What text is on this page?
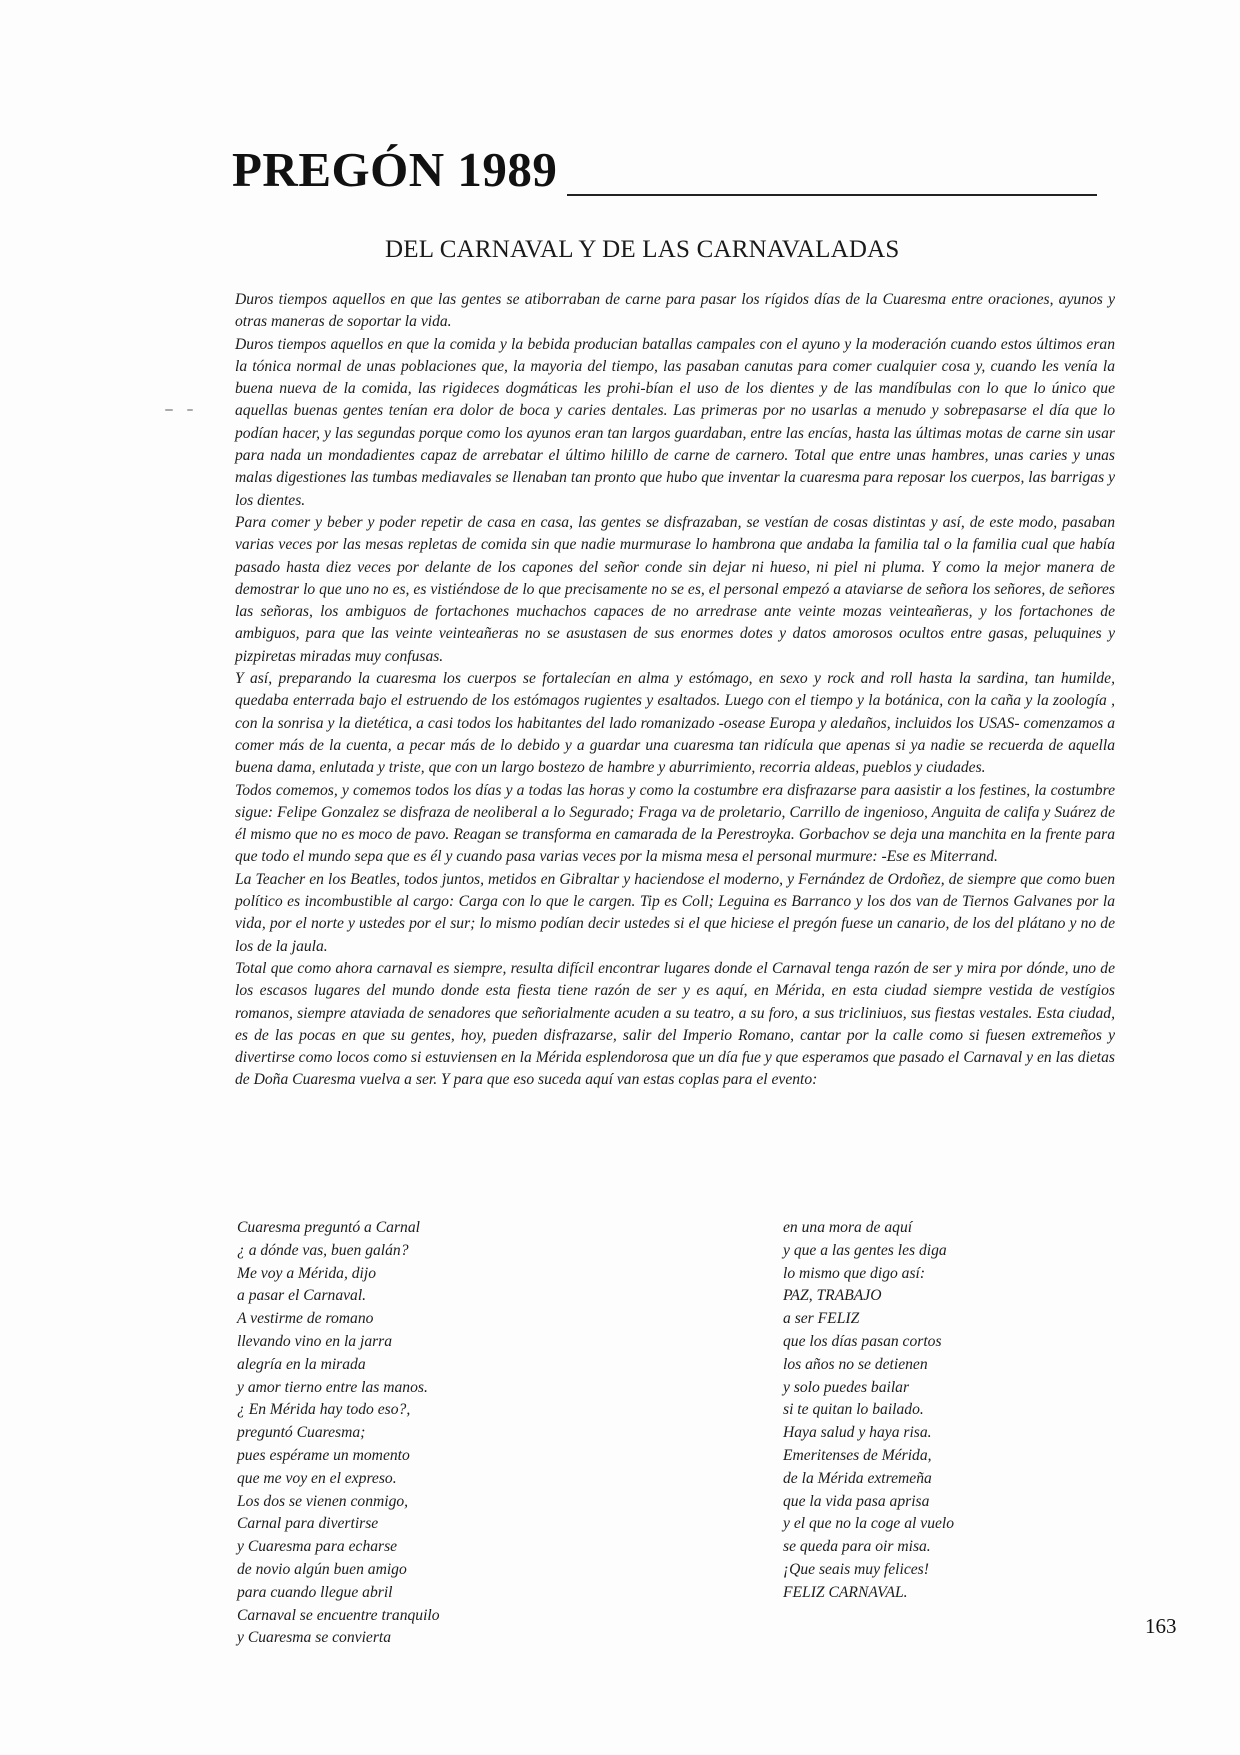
PREGÓN 1989
DEL CARNAVAL Y DE LAS CARNAVALADAS

Duros tiempos aquellos en que las gentes se atiborraban de carne para pasar los rígidos días de la Cuaresma entre oraciones, ayunos y otras maneras de soportar la vida.

Duros tiempos aquellos en que la comida y la bebida producian batallas campales con el ayuno y la moderación cuando estos últimos eran la tónica normal de unas poblaciones que, la mayoria del tiempo, las pasaban canutas para comer cualquier cosa y, cuando les venía la buena nueva de la comida, las rigideces dogmáticas les prohi-bían el uso de los dientes y de las mandíbulas con lo que lo único que aquellas buenas gentes tenían era dolor de boca y caries dentales. Las primeras por no usarlas a menudo y sobrepasarse el día que lo podían hacer, y las segundas porque como los ayunos eran tan largos guardaban, entre las encías, hasta las últimas motas de carne sin usar para nada un mondadientes capaz de arrebatar el último hilillo de carne de carnero. Total que entre unas hambres, unas caries y unas malas digestiones las tumbas mediavales se llenaban tan pronto que hubo que inventar la cuaresma para reposar los cuerpos, las barrigas y los dientes.

Para comer y beber y poder repetir de casa en casa, las gentes se disfrazaban, se vestían de cosas distintas y así, de este modo, pasaban varias veces por las mesas repletas de comida sin que nadie murmurase lo hambrona que andaba la familia tal o la familia cual que había pasado hasta diez veces por delante de los capones del señor conde sin dejar ni hueso, ni piel ni pluma. Y como la mejor manera de demostrar lo que uno no es, es vistiéndose de lo que precisamente no se es, el personal empezó a ataviarse de señora los señores, de señores las señoras, los ambiguos de fortachones muchachos capaces de no arredrase ante veinte mozas veinteañeras, y los fortachones de ambiguos, para que las veinte veinteañeras no se asustasen de sus enormes dotes y datos amorosos ocultos entre gasas, peluquines y pizpiretas miradas muy confusas.

Y así, preparando la cuaresma los cuerpos se fortalecían en alma y estómago, en sexo y rock and roll hasta la sardina, tan humilde, quedaba enterrada bajo el estruendo de los estómagos rugientes y esaltados. Luego con el tiempo y la botánica, con la caña y la zoología , con la sonrisa y la dietética, a casi todos los habitantes del lado romanizado -osease Europa y aledaños, incluidos los USAS- comenzamos a comer más de la cuenta, a pecar más de lo debido y a guardar una cuaresma tan ridícula que apenas si ya nadie se recuerda de aquella buena dama, enlutada y triste, que con un largo bostezo de hambre y aburrimiento, recorria aldeas, pueblos y ciudades.

Todos comemos, y comemos todos los días y a todas las horas y como la costumbre era disfrazarse para aasistir a los festines, la costumbre sigue: Felipe Gonzalez se disfraza de neoliberal a lo Segurado; Fraga va de proletario, Carrillo de ingenioso, Anguita de califa y Suárez de él mismo que no es moco de pavo. Reagan se transforma en camarada de la Perestroyka. Gorbachov se deja una manchita en la frente para que todo el mundo sepa que es él y cuando pasa varias veces por la misma mesa el personal murmure: -Ese es Miterrand.

La Teacher en los Beatles, todos juntos, metidos en Gibraltar y haciendose el moderno, y Fernández de Ordoñez, de siempre que como buen político es incombustible al cargo: Carga con lo que le cargen. Tip es Coll; Leguina es Barranco y los dos van de Tiernos Galvanes por la vida, por el norte y ustedes por el sur; lo mismo podían decir ustedes si el que hiciese el pregón fuese un canario, de los del plátano y no de los de la jaula.

Total que como ahora carnaval es siempre, resulta difícil encontrar lugares donde el Carnaval tenga razón de ser y mira por dónde, uno de los escasos lugares del mundo donde esta fiesta tiene razón de ser y es aquí, en Mérida, en esta ciudad siempre vestida de vestígios romanos, siempre ataviada de senadores que señorialmente acuden a su teatro, a su foro, a sus tricliniuos, sus fiestas vestales. Esta ciudad, es de las pocas en que su gentes, hoy, pueden disfrazarse, salir del Imperio Romano, cantar por la calle como si fuesen extremeños y divertirse como locos como si estuviensen en la Mérida esplendorosa que un día fue y que esperamos que pasado el Carnaval y en las dietas de Doña Cuaresma vuelva a ser. Y para que eso suceda aquí van estas coplas para el evento:

Cuaresma preguntó a Carnal
¿ a dónde vas, buen galán?
Me voy a Mérida, dijo
a pasar el Carnaval.
A vestirme de romano
llevando vino en la jarra
alegría en la mirada
y amor tierno entre las manos.
¿ En Mérida hay todo eso?,
preguntó Cuaresma;
pues espérame un momento
que me voy en el expreso.
Los dos se vienen conmigo,
Carnal para divertirse
y Cuaresma para echarse
de novio algún buen amigo
para cuando llegue abril
Carnaval se encuentre tranquilo
y Cuaresma se convierta
en una mora de aquí
y que a las gentes les diga
lo mismo que digo así:
PAZ, TRABAJO
a ser FELIZ
que los días pasan cortos
los años no se detienen
y solo puedes bailar
si te quitan lo bailado.
Haya salud y haya risa.
Emeritenses de Mérida,
de la Mérida extremeña
que la vida pasa aprisa
y el que no la coge al vuelo
se queda para oir misa.
¡Que seais muy felices!
FELIZ CARNAVAL.
163
